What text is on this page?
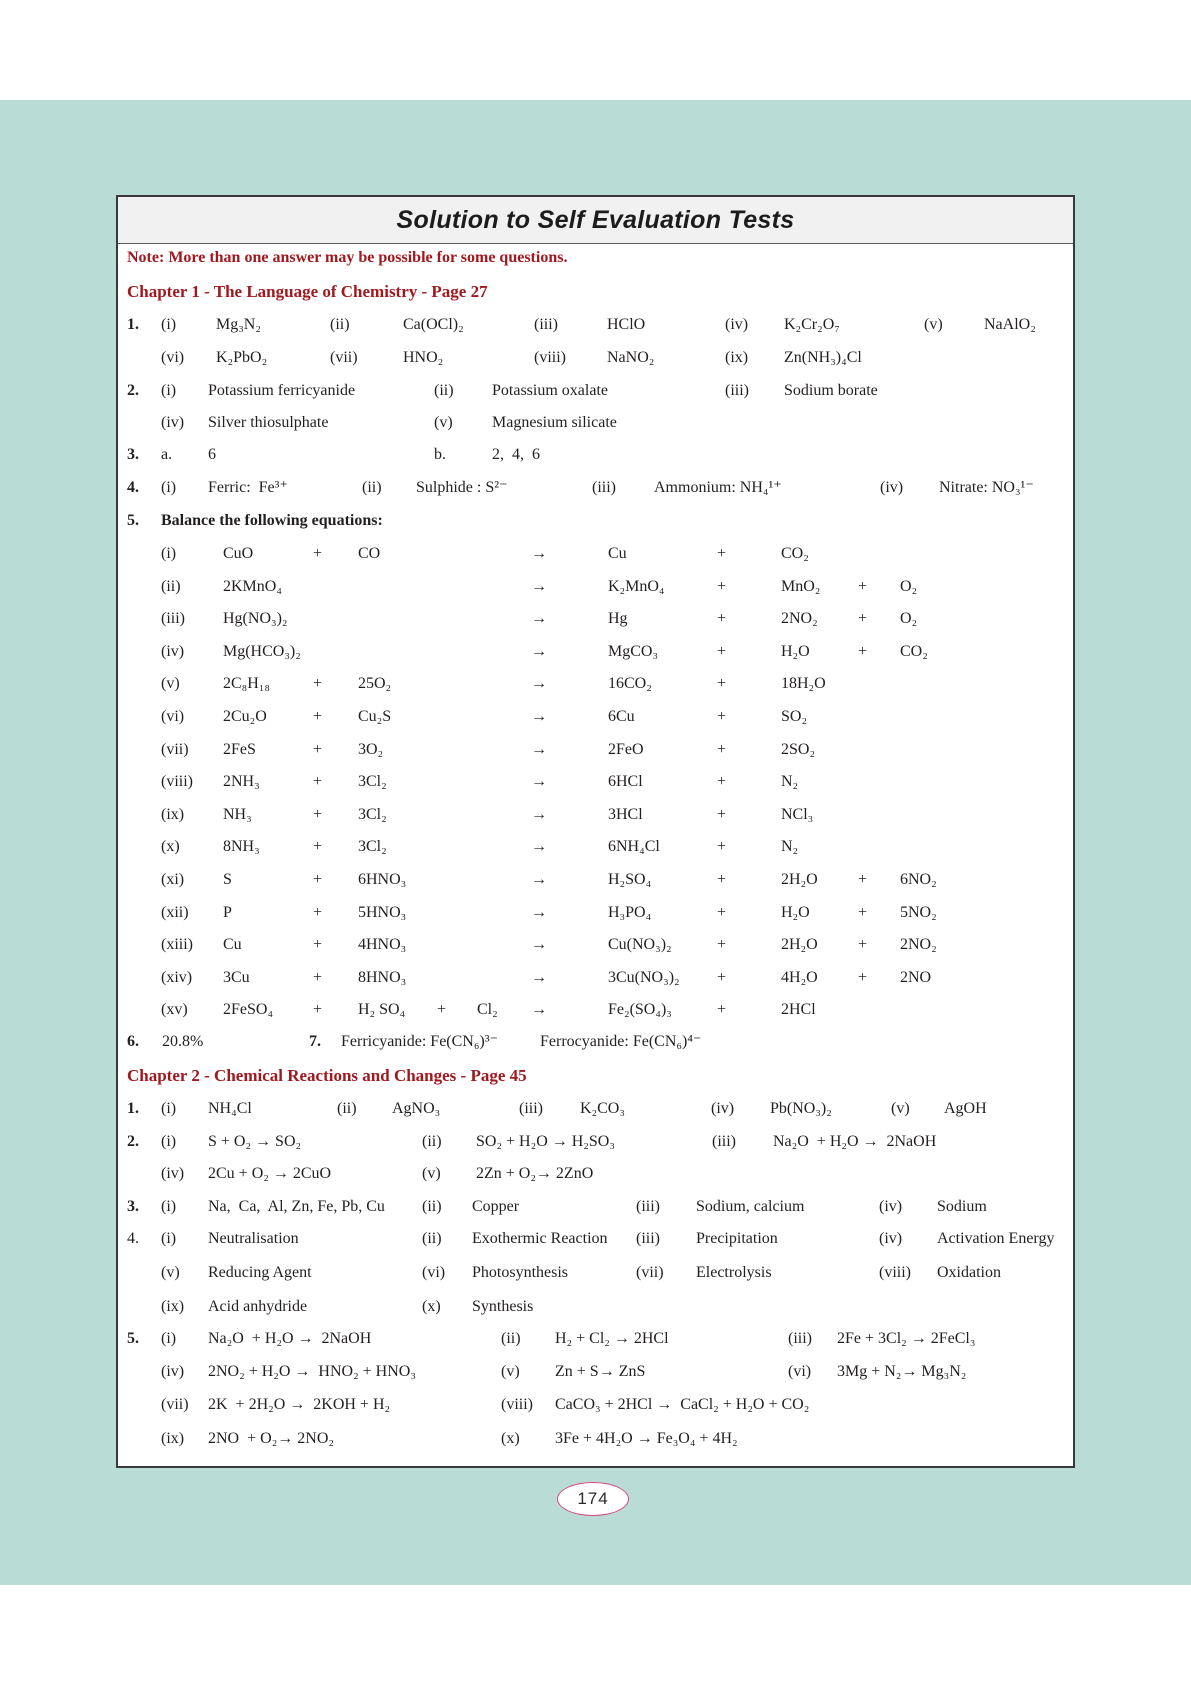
Solution to Self Evaluation Tests
Note: More than one answer may be possible for some questions.
Chapter 1 - The Language of Chemistry - Page 27
Chapter 2 - Chemical Reactions and Changes - Page 45
1. (i) Mg₃N₂	(ii)	Ca(OCl)₂	(iii)	HClO	(iv) K₂Cr₂O₇	(v)	NaAlO₂
(vi) K₂PbO₂	(vii)	HNO₂	(viii)	NaNO₂	(ix) Zn(NH₃)₄Cl
2. (i) Potassium ferricyanide	(ii) Potassium oxalate	(iii) Sodium borate
(iv) Silver thiosulphate	(v) Magnesium silicate
3. a. 6	b.	2,  4,  6
4. (i) Ferric:  Fe³⁺	(ii) Sulphide : S²⁻	(iii) Ammonium: NH₄¹⁺	(iv) Nitrate: NO₃¹⁻
1. (i) NH₄Cl	(ii) AgNO₃	(iii) K₂CO₃	(iv) Pb(NO₃)₂	(v) AgOH
2. (i) S + O₂ → SO₂	(ii) SO₂ + H₂O → H₂SO₃	(iii) Na₂O  + H₂O →  2NaOH
(iv) 2Cu + O₂ → 2CuO	(v) 2Zn + O₂→ 2ZnO
3. (i) Na,  Ca,  Al, Zn, Fe, Pb, Cu (ii) Copper	(iii) Sodium, calcium	(iv) Sodium
4. (i) Neutralisation	(ii) Exothermic Reaction (iii) Precipitation	(iv) Activation Energy
(v) Reducing Agent	(vi) Photosynthesis	(vii) Electrolysis	(viii) Oxidation
(ix) Acid anhydride	(x) Synthesis
5. (i) Na₂O  + H₂O →  2NaOH	(ii) H₂ + Cl₂ → 2HCl	(iii) 2Fe + 3Cl₂ → 2FeCl₃
(iv) 2NO₂ + H₂O →  HNO₂ + HNO₃	(v) Zn + S→ ZnS	(vi) 3Mg + N₂→ Mg₃N₂
(vii) 2K  + 2H₂O →  2KOH + H₂	(viii) CaCO₃ + 2HCl →  CaCl₂ + H₂O + CO₂
(ix) 2NO  + O₂→ 2NO₂	(x) 3Fe + 4H₂O → Fe₃O₄ + 4H₂
(i)	CuO	+ CO	→	Cu	+	CO₂
(ii)	2KMnO₄	→	K₂MnO₄	+	MnO₂ + O₂
(iii) Hg(NO₃)₂	→	Hg	+	2NO₂	+ O₂
(iv) Mg(HCO₃)₂	→	MgCO₃	+	H₂O	+ CO₂
(v)	2C₈H₁₈	+ 25O₂	→	16CO₂	+	18H₂O
(vi) 2Cu₂O	+ Cu₂S	→	6Cu	+	SO₂
(vii) 2FeS	+ 3O₂	→	2FeO	+	2SO₂
(viii) 2NH₃	+ 3Cl₂	→	6HCl	+	N₂
(ix) NH₃	+ 3Cl₂	→	3HCl	+	NCl₃
(x)	8NH₃	+ 3Cl₂	→	6NH₄Cl	+	N₂
(xi) S	+ 6HNO₃	→	H₂SO₄	+	2H₂O	+ 6NO₂
(xii) P	+ 5HNO₃	→	H₃PO₄	+	H₂O	+ 5NO₂
(xiii) Cu	+ 4HNO₃	→	Cu(NO₃)₂	+	2H₂O	+ 2NO₂
(xiv) 3Cu	+ 8HNO₃	→	3Cu(NO₃)₂ +	4H₂O	+ 2NO
(xv) 2FeSO₄ + H₂ SO₄ + Cl₂ →	Fe₂(SO₄)₃	+	2HCl
5. Balance the following equations:
6. 20.8%	7. Ferricyanide: Fe(CN₆)³⁻	Ferrocyanide: Fe(CN₆)⁴⁻
174
